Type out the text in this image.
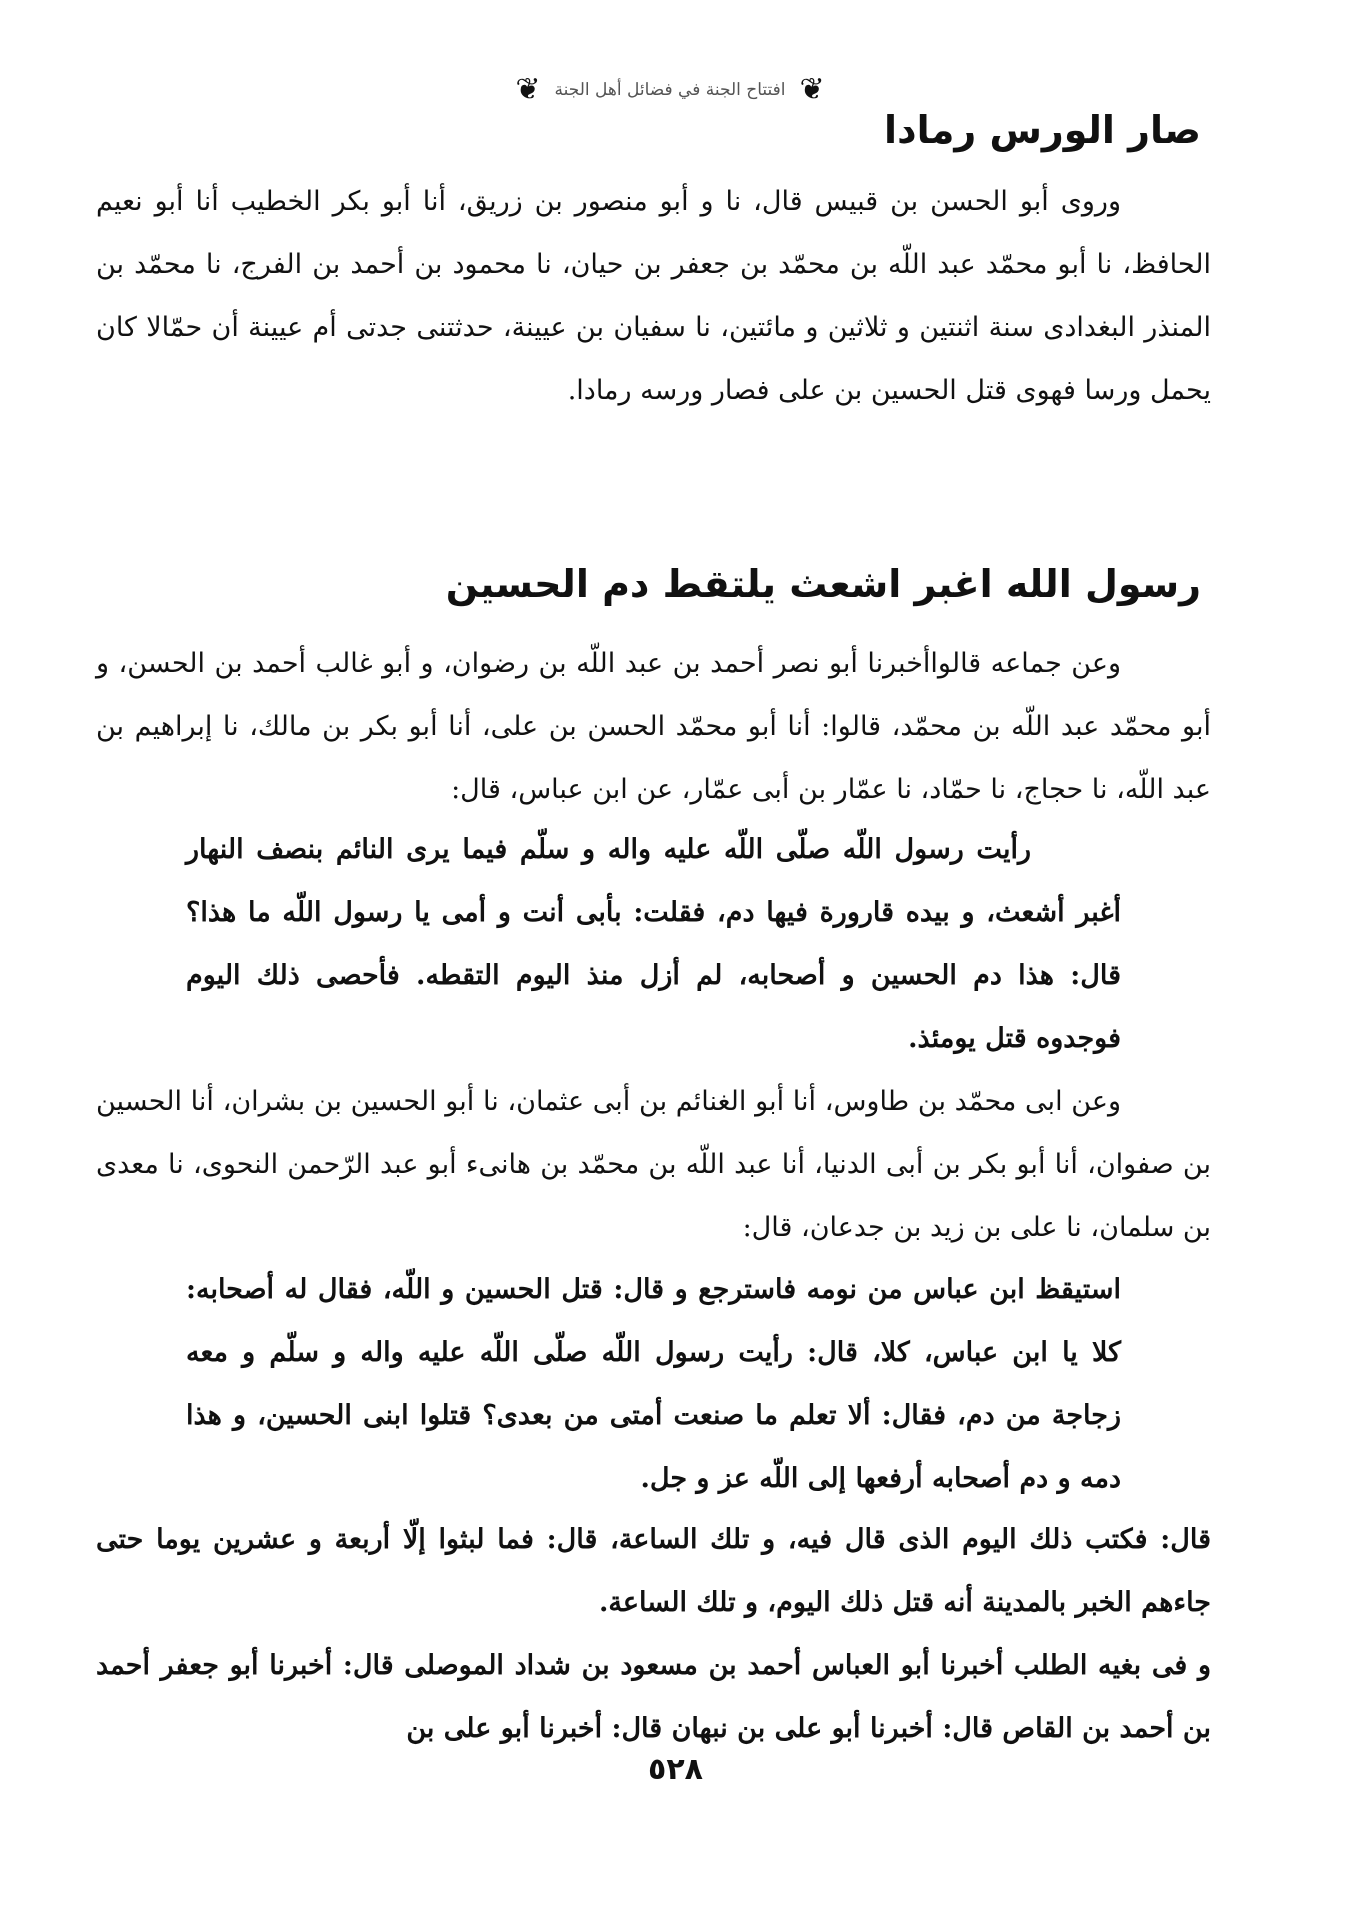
❦
افتتاح الجنة في فضائل أهل الجنة
❦
صار الورس رمادا

وروى أبو الحسن بن قبيس قال، نا و أبو منصور بن زريق، أنا أبو بكر الخطيب أنا أبو نعيم الحافظ، نا أبو محمّد عبد اللّه بن محمّد بن جعفر بن حيان، نا محمود بن أحمد بن الفرج، نا محمّد بن المنذر البغدادى سنة اثنتين و ثلاثين و مائتين، نا سفيان بن عيينة، حدثتنى جدتى أم عيينة أن حمّالا كان يحمل ورسا فهوى قتل الحسين بن على فصار ورسه رمادا.

رسول الله اغبر اشعث يلتقط دم الحسين

وعن جماعه قالواأخبرنا أبو نصر أحمد بن عبد اللّه بن رضوان، و أبو غالب أحمد بن الحسن، و أبو محمّد عبد اللّه بن محمّد، قالوا: أنا أبو محمّد الحسن بن على، أنا أبو بكر بن مالك، نا إبراهيم بن عبد اللّه، نا حجاج، نا حمّاد، نا عمّار بن أبى عمّار، عن ابن عباس، قال:

رأيت رسول اللّه صلّى اللّه عليه واله و سلّم فيما يرى النائم بنصف النهار أغبر أشعث، و بيده قارورة فيها دم، فقلت: بأبى أنت و أمى يا رسول اللّه ما هذا؟ قال: هذا دم الحسين و أصحابه، لم أزل منذ اليوم التقطه. فأحصى ذلك اليوم فوجدوه قتل يومئذ.

وعن ابى محمّد بن طاوس، أنا أبو الغنائم بن أبى عثمان، نا أبو الحسين بن بشران، أنا الحسين بن صفوان، أنا أبو بكر بن أبى الدنيا، أنا عبد اللّه بن محمّد بن هانىء أبو عبد الرّحمن النحوى، نا معدى بن سلمان، نا على بن زيد بن جدعان، قال:

استيقظ ابن عباس من نومه فاسترجع و قال: قتل الحسين و اللّه، فقال له أصحابه: كلا يا ابن عباس، كلا، قال: رأيت رسول اللّه صلّى اللّه عليه واله و سلّم و معه زجاجة من دم، فقال: ألا تعلم ما صنعت أمتى من بعدى؟ قتلوا ابنى الحسين، و هذا دمه و دم أصحابه أرفعها إلى اللّه عز و جل.

قال: فكتب ذلك اليوم الذى قال فيه، و تلك الساعة، قال: فما لبثوا إلّا أربعة و عشرين يوما حتى جاءهم الخبر بالمدينة أنه قتل ذلك اليوم، و تلك الساعة.

و فى بغيه الطلب أخبرنا أبو العباس أحمد بن مسعود بن شداد الموصلى قال: أخبرنا أبو جعفر أحمد بن أحمد بن القاص قال: أخبرنا أبو على بن نبهان قال: أخبرنا أبو على بن

٥٢٨
